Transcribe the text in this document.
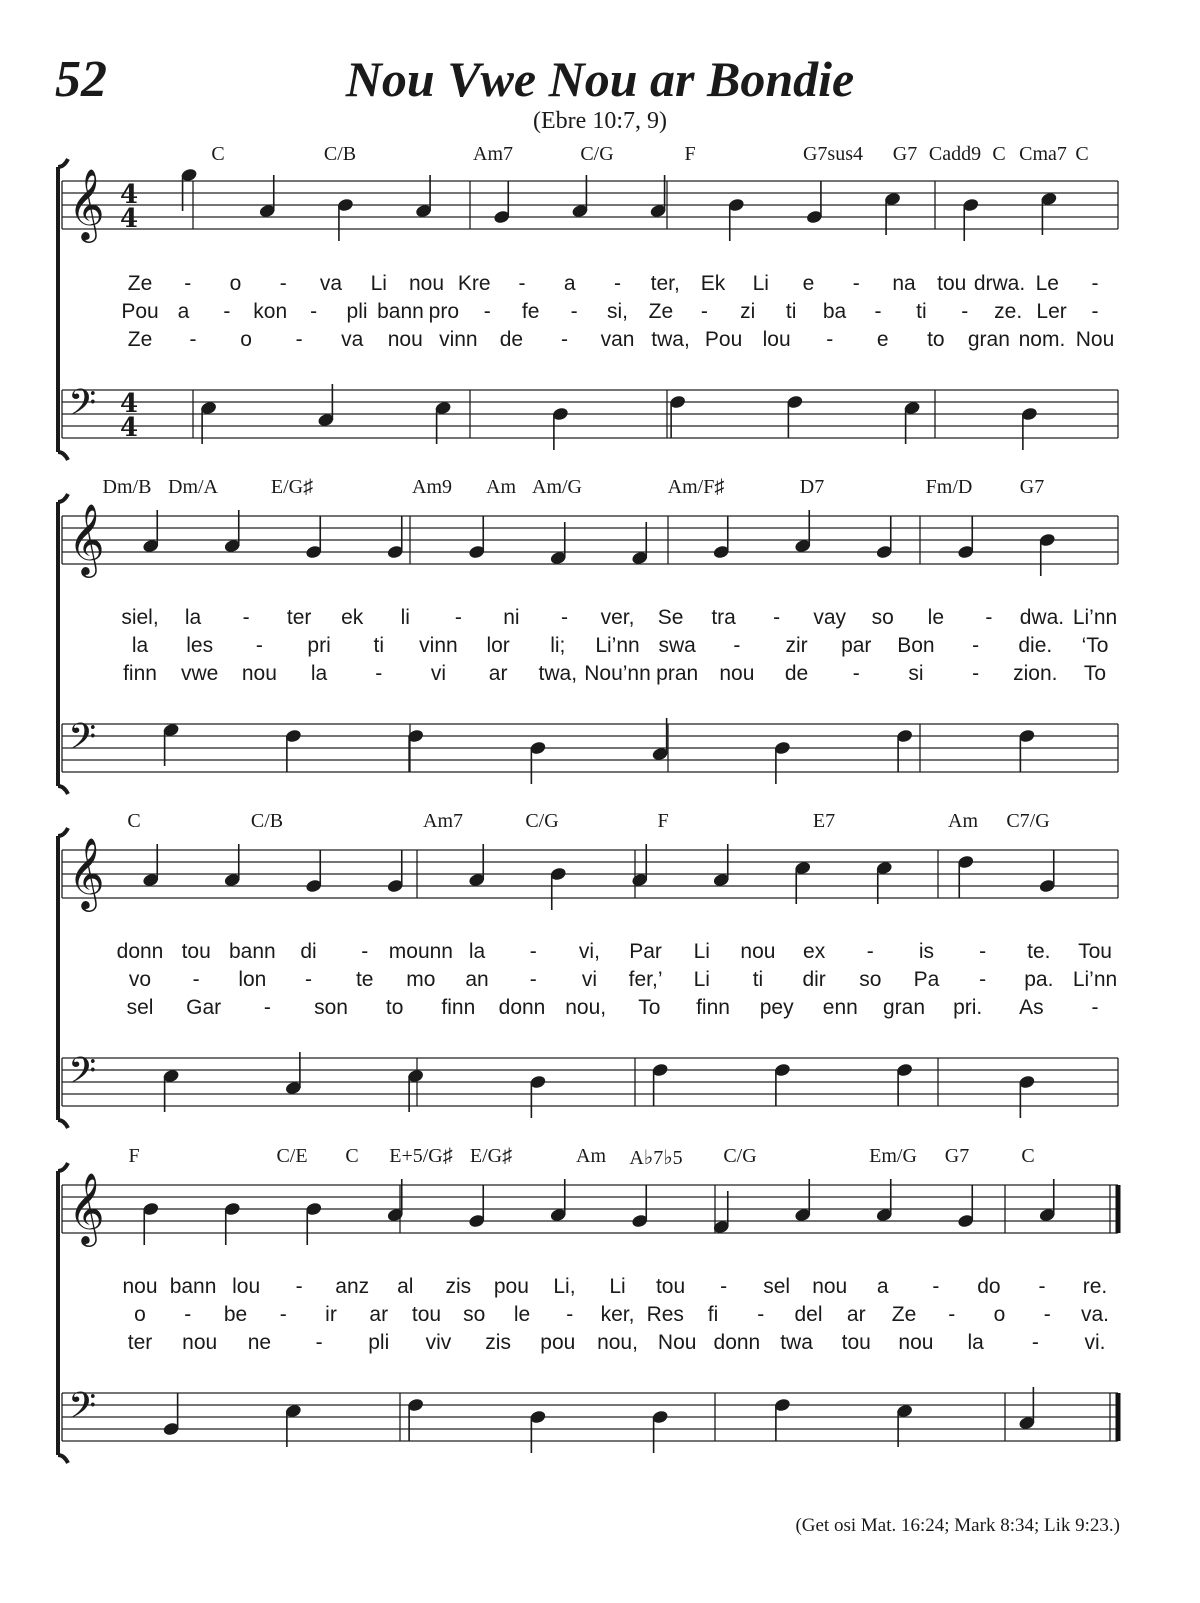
52	Nou Vwe Nou ar Bondie
(Ebre 10:7, 9)
𝄞 4
4
𝄢 4
4
𝄞
𝄢
𝄞
𝄢
𝄞
𝄢
C	C/B	Am7	C/G	F	G7sus4 G7 Cadd9 C Cma7 C
Ze - o - va Li nou Kre - a - ter, Ek Li e - na tou drwa. Le -
Pou a - kon - pli bann pro - fe - si, Ze - zi ti ba - ti - ze. Ler -
Ze - o - va nou vinn de - van twa, Pou lou - e to gran nom. Nou
Dm/B Dm/A	E/G♯	Am9 Am Am/G	Am/F♯	D7	Fm/D G7
siel, la - ter ek li - ni - ver, Se tra - vay so le - dwa. Li’nn
la les - pri ti vinn lor li; Li’nn swa - zir par Bon - die. ‘To
finn vwe nou la - vi ar twa, Nou’nn pran nou de - si - zion. To
C	C/B	Am7	C/G	F	E7	Am C7/G
donn tou bann di - mounn la - vi, Par Li nou ex - is - te. Tou
vo - lon - te mo an - vi fer,’ Li ti dir so Pa - pa. Li’nn
sel Gar - son to finn donn nou, To finn pey enn gran pri. As -
F	C/E C E+5/G♯ E/G♯	Am A♭7♭5 C/G	Em/G G7	C
nou bann lou - anz al zis pou Li, Li tou - sel nou a - do - re.
o - be - ir ar tou so le - ker, Res fi - del ar Ze - o - va.
ter nou ne - pli viv zis pou nou, Nou donn twa tou nou la - vi.
(Get osi Mat. 16:24; Mark 8:34; Lik 9:23.)
